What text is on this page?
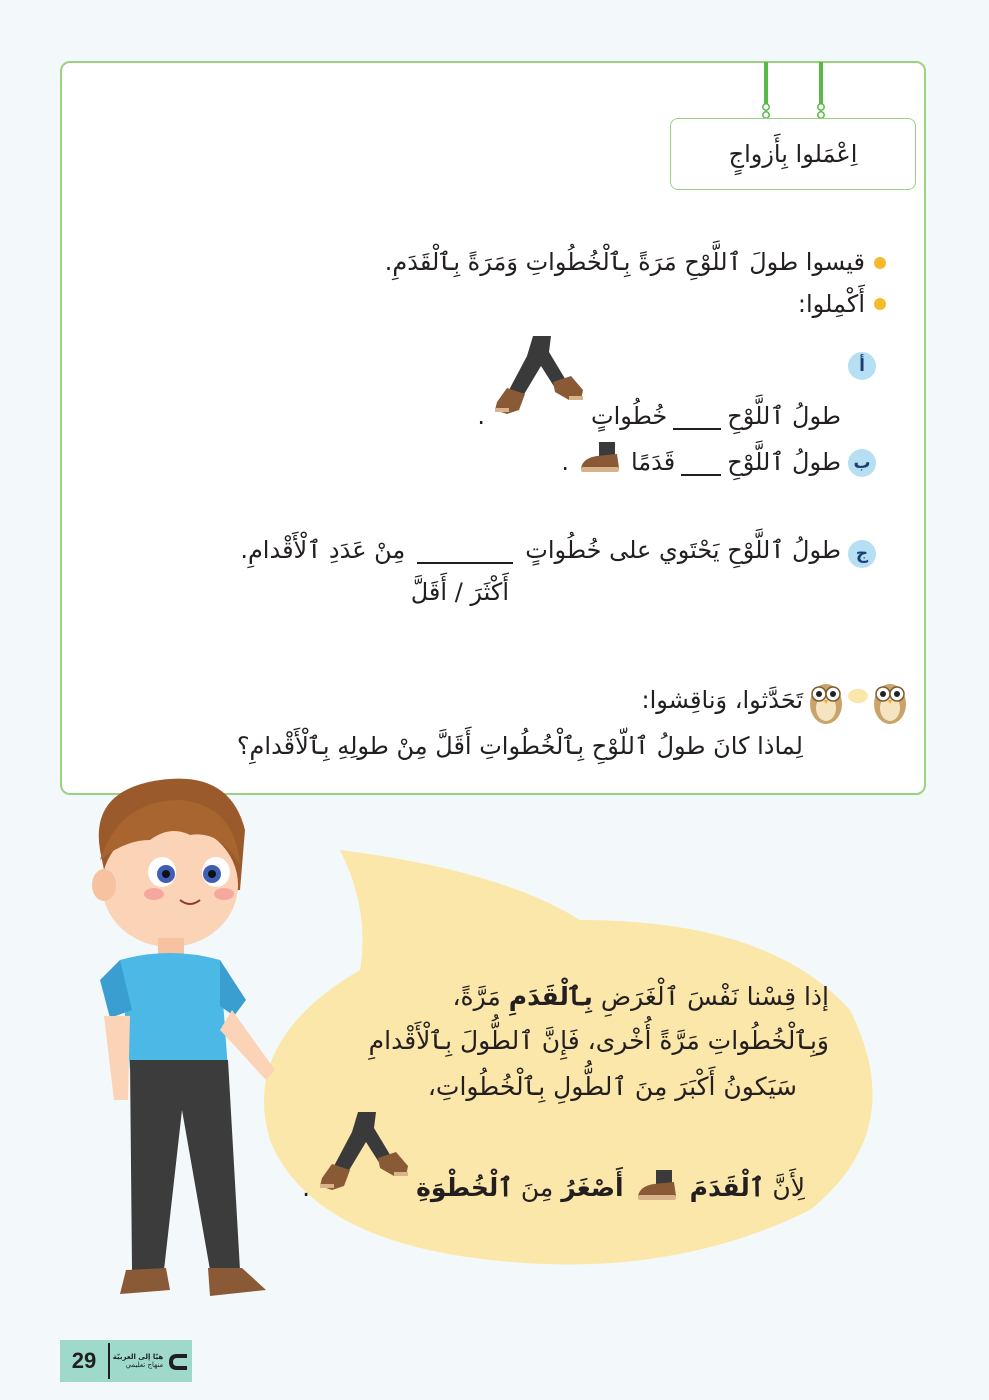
اِعْمَلوا بِأَزواجٍ
قيسوا طولَ ٱللَّوْحِ مَرَةً بِٱلْخُطُواتِ وَمَرَةً بِٱلْقَدَمِ.
أَكْمِلوا:
أ
طولُ ٱللَّوْحِ
خُطُواتٍ
.
ب
طولُ ٱللَّوْحِ
قَدَمًا
.
ج
طولُ ٱللَّوْحِ يَحْتَوي على خُطُواتٍ
مِنْ عَدَدِ ٱلْأَقْدامِ.
أَكْثَرَ / أَقَلَّ
تَحَدَّثوا، وَناقِشوا:
لِماذا كانَ طولُ ٱللّوْحِ بِٱلْخُطُواتِ أَقَلَّ مِنْ طولِهِ بِٱلْأَقْدامِ؟
إذا قِسْنا نَفْسَ ٱلْغَرَضِ بِٱلْقَدَمِ مَرَّةً،
وَبِٱلْخُطُواتِ مَرَّةً أُخْرى، فَإِنَّ ٱلطُّولَ بِٱلْأَقْدامِ
سَيَكونُ أَكْبَرَ مِنَ ٱلطُّولِ بِٱلْخُطُواتِ،
لِأَنَّ

ٱلْقَدَمَ
أَصْغَرُ

مِنَ

ٱلْخُطْوَةِ
.
29	هيّا إلى العربيّة
منهاج تعليمي
